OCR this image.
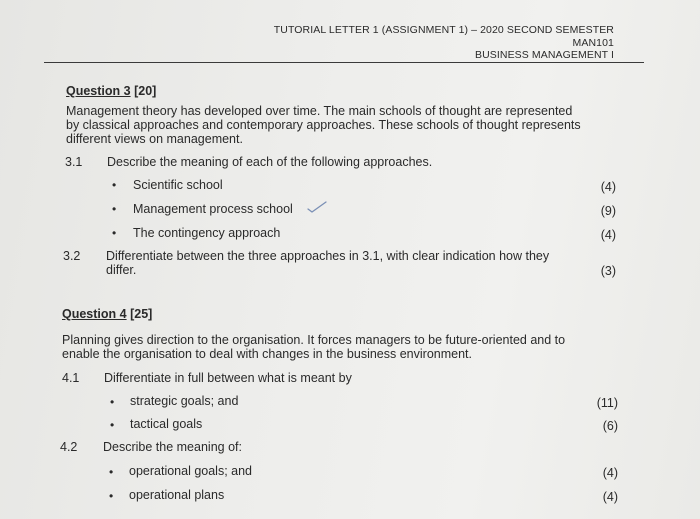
TUTORIAL LETTER 1 (ASSIGNMENT 1) – 2020 SECOND SEMESTER
MAN101
BUSINESS MANAGEMENT I
Question 3 [20]
Management theory has developed over time. The main schools of thought are represented
by classical approaches and contemporary approaches. These schools of thought represents
different views on management.
3.1 Describe the meaning of each of the following approaches.
• Scientific school	(4)
• Management process school	(9)
• The contingency approach	(4)
3.2 Differentiate between the three approaches in 3.1, with clear indication how they
differ.	(3)
Question 4 [25]
Planning gives direction to the organisation. It forces managers to be future-oriented and to
enable the organisation to deal with changes in the business environment.
4.1 Differentiate in full between what is meant by
• strategic goals; and	(11)
• tactical goals	(6)
4.2 Describe the meaning of:
• operational goals; and	(4)
• operational plans	(4)
